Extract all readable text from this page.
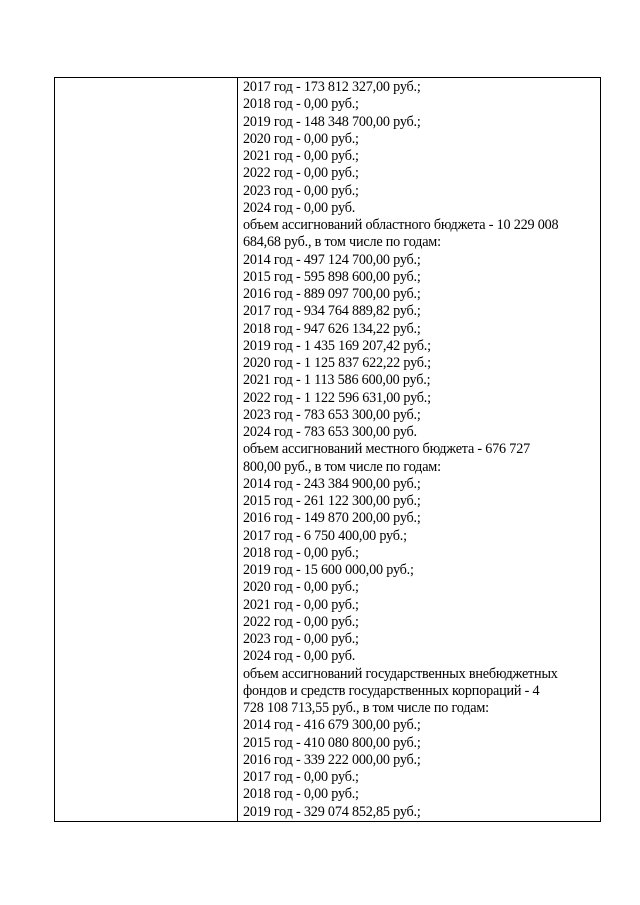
2017 год - 173 812 327,00 руб.;
2018 год - 0,00 руб.;
2019 год - 148 348 700,00 руб.;
2020 год - 0,00 руб.;
2021 год - 0,00 руб.;
2022 год - 0,00 руб.;
2023 год - 0,00 руб.;
2024 год - 0,00 руб.
объем ассигнований областного бюджета - 10 229 008
684,68 руб., в том числе по годам:
2014 год - 497 124 700,00 руб.;
2015 год - 595 898 600,00 руб.;
2016 год - 889 097 700,00 руб.;
2017 год - 934 764 889,82 руб.;
2018 год - 947 626 134,22 руб.;
2019 год - 1 435 169 207,42 руб.;
2020 год - 1 125 837 622,22 руб.;
2021 год - 1 113 586 600,00 руб.;
2022 год - 1 122 596 631,00 руб.;
2023 год - 783 653 300,00 руб.;
2024 год - 783 653 300,00 руб.
объем ассигнований местного бюджета - 676 727
800,00 руб., в том числе по годам:
2014 год - 243 384 900,00 руб.;
2015 год - 261 122 300,00 руб.;
2016 год - 149 870 200,00 руб.;
2017 год - 6 750 400,00 руб.;
2018 год - 0,00 руб.;
2019 год - 15 600 000,00 руб.;
2020 год - 0,00 руб.;
2021 год - 0,00 руб.;
2022 год - 0,00 руб.;
2023 год - 0,00 руб.;
2024 год - 0,00 руб.
объем ассигнований государственных внебюджетных
фондов и средств государственных корпораций - 4
728 108 713,55 руб., в том числе по годам:
2014 год - 416 679 300,00 руб.;
2015 год - 410 080 800,00 руб.;
2016 год - 339 222 000,00 руб.;
2017 год - 0,00 руб.;
2018 год - 0,00 руб.;
2019 год - 329 074 852,85 руб.;
